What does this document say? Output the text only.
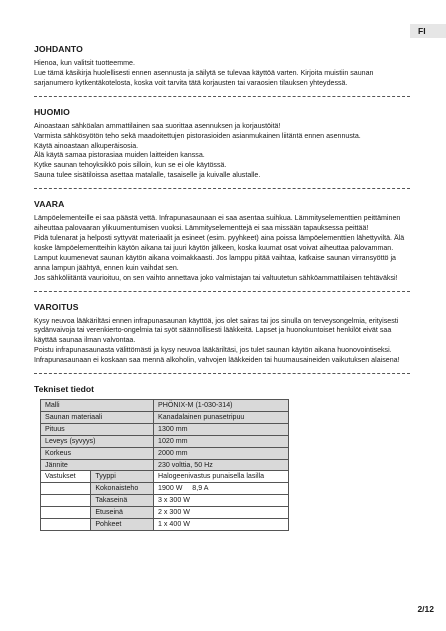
FI
JOHDANTO

Hienoa, kun valitsit tuotteemme.

Lue tämä käsikirja huolellisesti ennen asennusta ja säilytä se tulevaa käyttöä varten. Kirjoita muistiin saunan sarjanumero kytkentäkotelosta, koska voit tarvita tätä korjausten tai varaosien tilauksen yhteydessä.

HUOMIO

Ainoastaan sähköalan ammattilainen saa suorittaa asennuksen ja korjaustöitä!

Varmista sähkösyötön teho sekä maadoitettujen pistorasioiden asianmukainen liitäntä ennen asennusta.

Käytä ainoastaan alkuperäisosia.

Älä käytä samaa pistorasiaa muiden laitteiden kanssa.

Kytke saunan tehoyksikkö pois silloin, kun se ei ole käytössä.

Sauna tulee sisätiloissa asettaa matalalle, tasaiselle ja kuivalle alustalle.

VAARA

Lämpöelementeille ei saa päästä vettä. Infrapunasaunaan ei saa asentaa suihkua. Lämmityselementtien peittäminen aiheuttaa palovaaran ylikuumentumisen vuoksi. Lämmityselementtejä ei saa missään tapauksessa peittää!

Pidä tulenarat ja helposti syttyvät materiaalit ja esineet (esim. pyyhkeet) aina poissa lämpöelementtien lähettyviltä. Älä koske lämpöelementteihin käytön aikana tai juuri käytön jälkeen, koska kuumat osat voivat aiheuttaa palovamman.

Lamput kuumenevat saunan käytön aikana voimakkaasti. Jos lamppu pitää vaihtaa, katkaise saunan virransyöttö ja anna lampun jäähtyä, ennen kuin vaihdat sen.

Jos sähköliitäntä vaurioituu, on sen vaihto annettava joko valmistajan tai valtuutetun sähköammattilaisen tehtäväksi!

VAROITUS

Kysy neuvoa lääkäriltäsi ennen infrapunasaunan käyttöä, jos olet sairas tai jos sinulla on terveysongelmia, erityisesti sydänvaivoja tai verenkierto-ongelmia tai syöt säännöllisesti lääkkeitä. Lapset ja huonokuntoiset henkilöt eivät saa käyttää saunaa ilman valvontaa.

Poistu infrapunasaunasta välittömästi ja kysy neuvoa lääkäriltäsi, jos tulet saunan käytön aikana huonovointiseksi.

Infrapunasaunaan ei koskaan saa mennä alkoholin, vahvojen lääkkeiden tai huumausaineiden vaikutuksen alaisena!

Tekniset tiedot
Malli		PHÖNIX-M (1-030-314)
Saunan materiaali		Kanadalainen punasetripuu
Pituus		1300 mm
Leveys (syvyys)		1020 mm
Korkeus		2000 mm
Jännite		230 volttia, 50 Hz
Vastukset	Tyyppi	Halogeenivastus punaisella lasilla
	Kokonaisteho	1900 W     8,9 A
	Takaseinä	3 x 300 W
	Etuseinä	2 x 300 W
	Pohkeet	1 x 400 W
2/12
